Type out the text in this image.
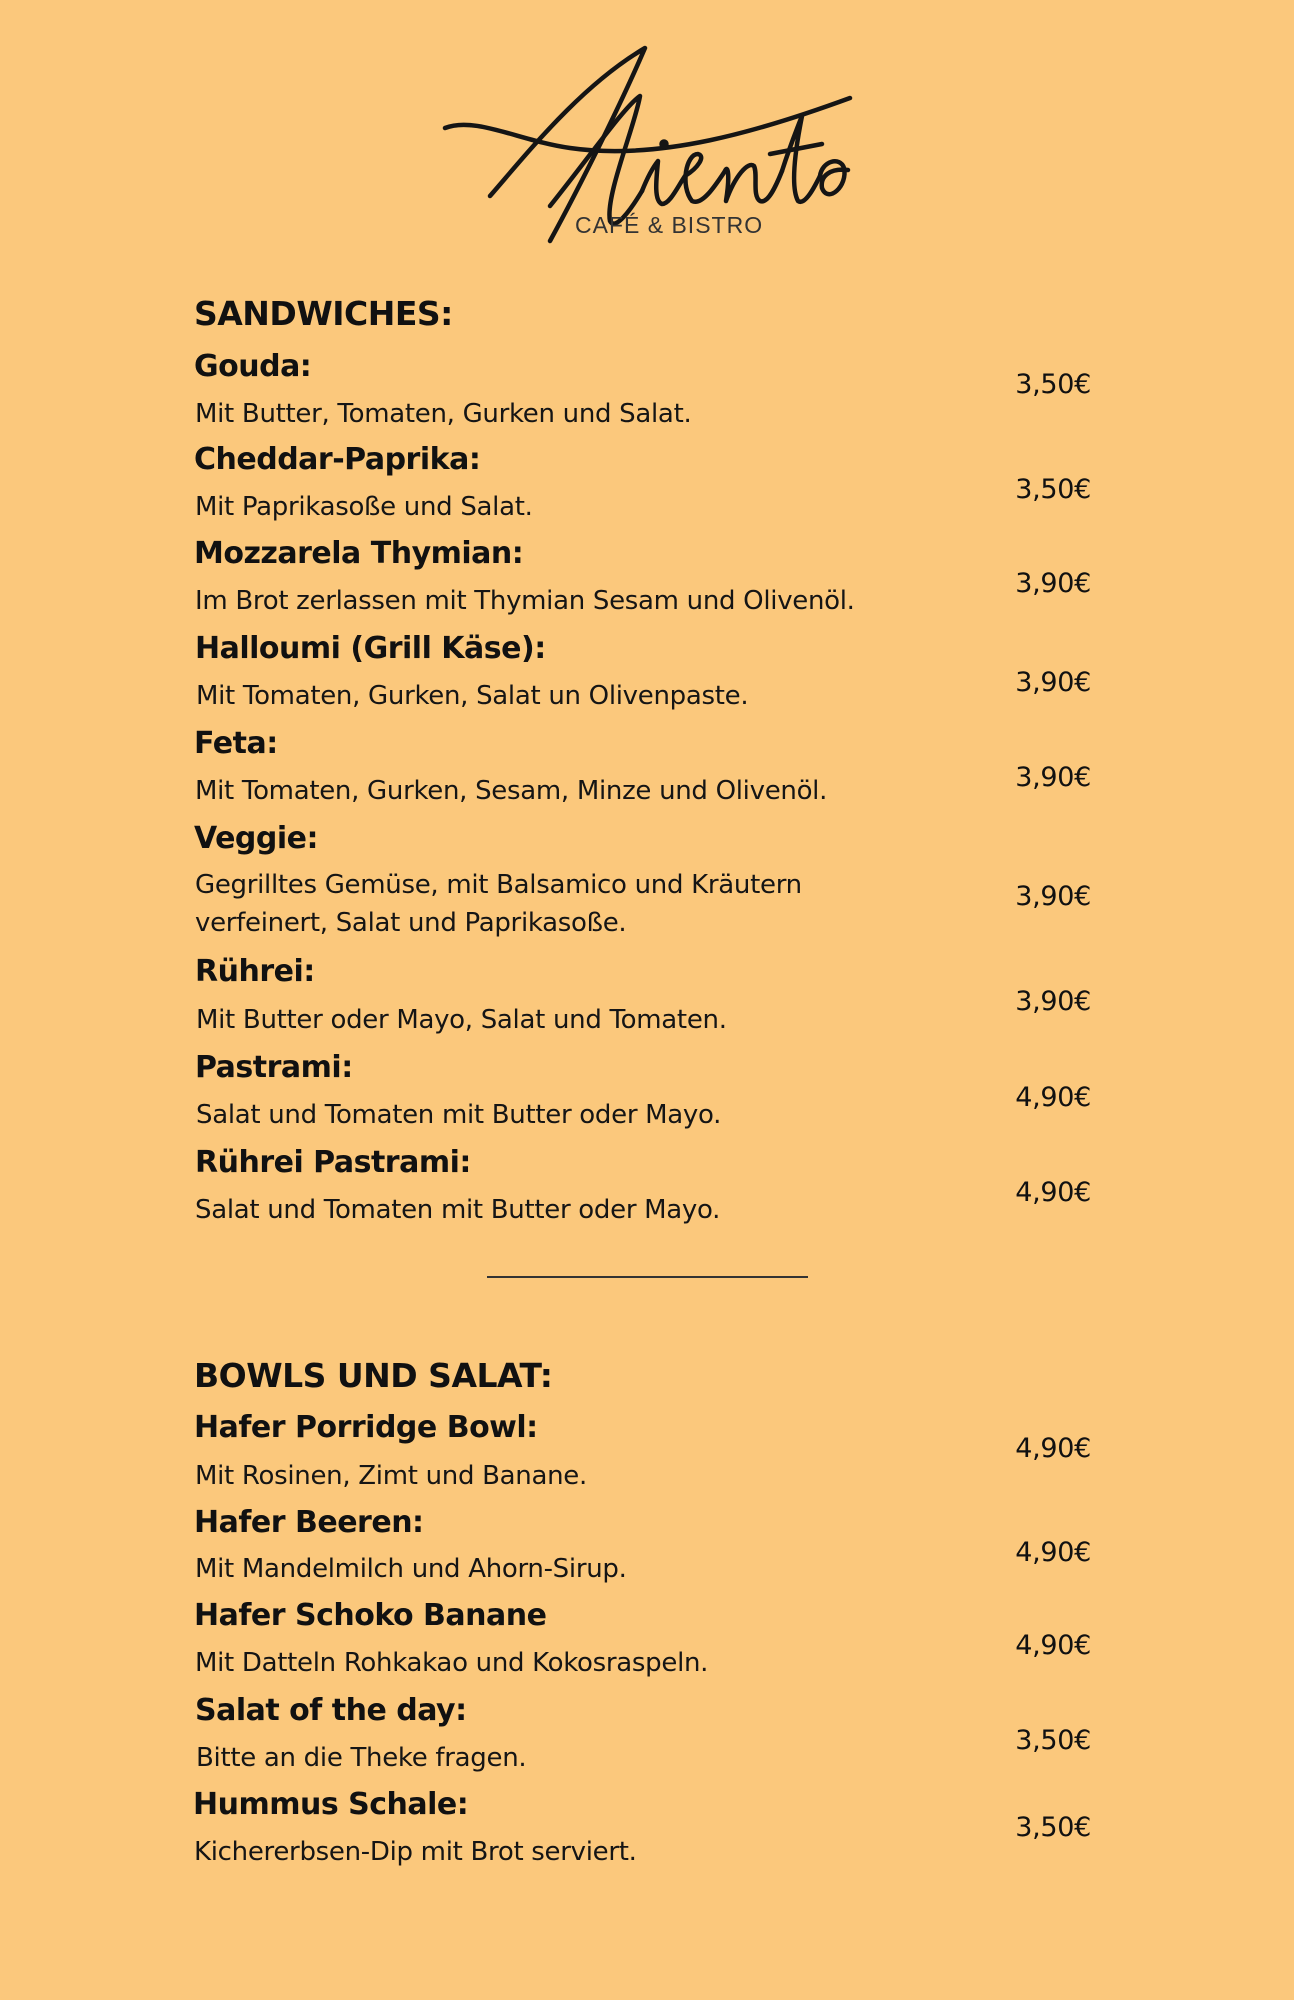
CAFÉ & BISTRO
SANDWICHES:
Gouda:
Mit Butter, Tomaten, Gurken und Salat.
3,50€
Cheddar-Paprika:
Mit Paprikasoße und Salat.
3,50€
Mozzarela Thymian:
Im Brot zerlassen mit Thymian Sesam und Olivenöl.
3,90€
Halloumi (Grill Käse):
Mit Tomaten, Gurken, Salat un Olivenpaste.	3,90€
Feta:
Mit Tomaten, Gurken, Sesam, Minze und Olivenöl.	3,90€
Veggie:
Gegrilltes Gemüse, mit Balsamico und Kräutern
verfeinert, Salat und Paprikasoße.
3,90€
Rührei:
Mit Butter oder Mayo, Salat und Tomaten.
3,90€
Pastrami:
Salat und Tomaten mit Butter oder Mayo.
4,90€
Rührei Pastrami:
Salat und Tomaten mit Butter oder Mayo.
4,90€
BOWLS UND SALAT:
Hafer Porridge Bowl:
Mit Rosinen, Zimt und Banane.
4,90€
Hafer Beeren:
Mit Mandelmilch und Ahorn-Sirup.
4,90€
Hafer Schoko Banane
Mit Datteln Rohkakao und Kokosraspeln.
4,90€
Salat of the day:
Bitte an die Theke fragen.
3,50€
Hummus Schale:
Kichererbsen-Dip mit Brot serviert.
3,50€
